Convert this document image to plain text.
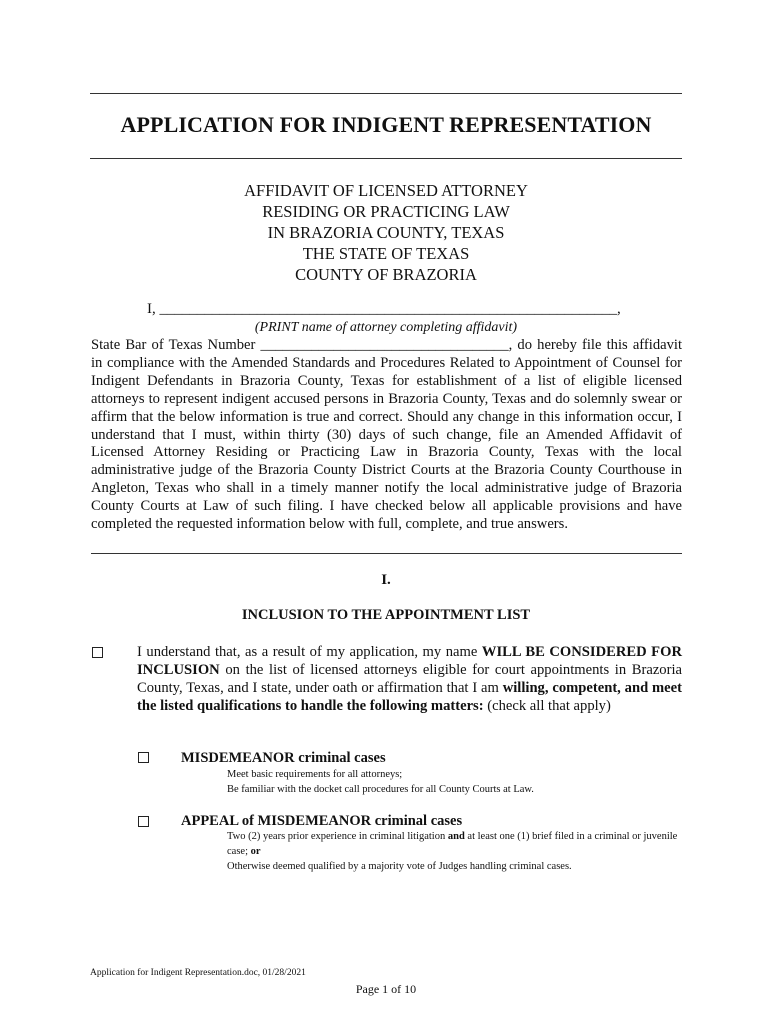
APPLICATION FOR INDIGENT REPRESENTATION
AFFIDAVIT OF LICENSED ATTORNEY
RESIDING OR PRACTICING LAW
IN BRAZORIA COUNTY, TEXAS
THE STATE OF TEXAS
COUNTY OF BRAZORIA
I, _____________________________________________________________,
(PRINT name of attorney completing affidavit)

State Bar of Texas Number __________________________________, do hereby file this affidavit in compliance with the Amended Standards and Procedures Related to Appointment of Counsel for Indigent Defendants in Brazoria County, Texas for establishment of a list of eligible licensed attorneys to represent indigent accused persons in Brazoria County, Texas and do solemnly swear or affirm that the below information is true and correct. Should any change in this information occur, I understand that I must, within thirty (30) days of such change, file an Amended Affidavit of Licensed Attorney Residing or Practicing Law in Brazoria County, Texas with the local administrative judge of the Brazoria County District Courts at the Brazoria County Courthouse in Angleton, Texas who shall in a timely manner notify the local administrative judge of Brazoria County Courts at Law of such filing. I have checked below all applicable provisions and have completed the requested information below with full, complete, and true answers.

I.
INCLUSION TO THE APPOINTMENT LIST

I understand that, as a result of my application, my name WILL BE CONSIDERED FOR INCLUSION on the list of licensed attorneys eligible for court appointments in Brazoria County, Texas, and I state, under oath or affirmation that I am willing, competent, and meet the listed qualifications to handle the following matters: (check all that apply)

MISDEMEANOR criminal cases

Meet basic requirements for all attorneys;
Be familiar with the docket call procedures for all County Courts at Law.

APPEAL of MISDEMEANOR criminal cases

Two (2) years prior experience in criminal litigation and at least one (1) brief filed in a criminal or juvenile case; or
Otherwise deemed qualified by a majority vote of Judges handling criminal cases.

Application for Indigent Representation.doc, 01/28/2021
Page 1 of 10
